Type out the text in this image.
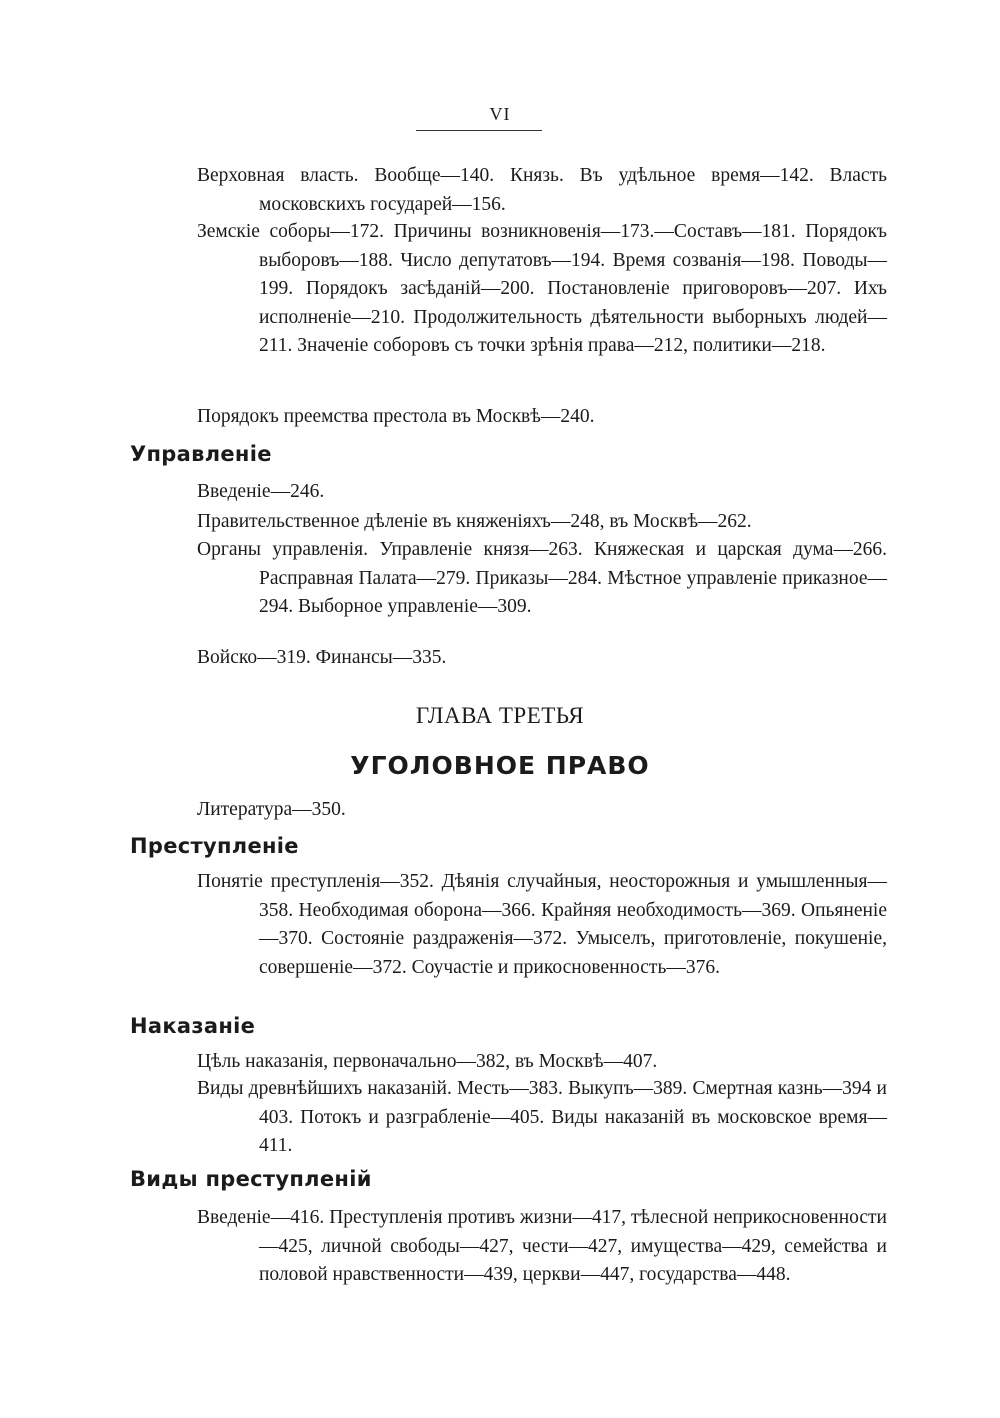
VI
Верховная власть. Вообще—140. Князь. Въ удѣльное время—142. Власть московскихъ государей—156.
Земскіе соборы—172. Причины возникновенія—173.—Составъ—181. Порядокъ выборовъ—188. Число депутатовъ—194. Время созванія—198. Поводы—199. Порядокъ засѣданій—200. Постановленіе приговоровъ—207. Ихъ исполненіе—210. Продолжительность дѣятельности выборныхъ людей—211. Значеніе соборовъ съ точки зрѣнія права—212, политики—218.
Порядокъ преемства престола въ Москвѣ—240.
Управленіе
Введеніе—246.
Правительственное дѣленіе въ княженіяхъ—248, въ Москвѣ—262.
Органы управленія. Управленіе князя—263. Княжеская и царская дума—266. Расправная Палата—279. Приказы—284. Мѣстное управленіе приказное—294. Выборное управленіе—309.
Войско—319. Финансы—335.
ГЛАВА ТРЕТЬЯ
УГОЛОВНОЕ ПРАВО
Литература—350.
Преступленіе
Понятіе преступленія—352. Дѣянія случайныя, неосторожныя и умышленныя—358. Необходимая оборона—366. Крайняя необходимость—369. Опьяненіе—370. Состояніе раздраженія—372. Умыселъ, приготовленіе, покушеніе, совершеніе—372. Соучастіе и прикосновенность—376.
Наказаніе
Цѣль наказанія, первоначально—382, въ Москвѣ—407.
Виды древнѣйшихъ наказаній. Месть—383. Выкупъ—389. Смертная казнь—394 и 403. Потокъ и разграбленіе—405. Виды наказаній въ московское время—411.
Виды преступленій
Введеніе—416. Преступленія противъ жизни—417, тѣлесной неприкосновенности—425, личной свободы—427, чести—427, имущества—429, семейства и половой нравственности—439, церкви—447, государства—448.
